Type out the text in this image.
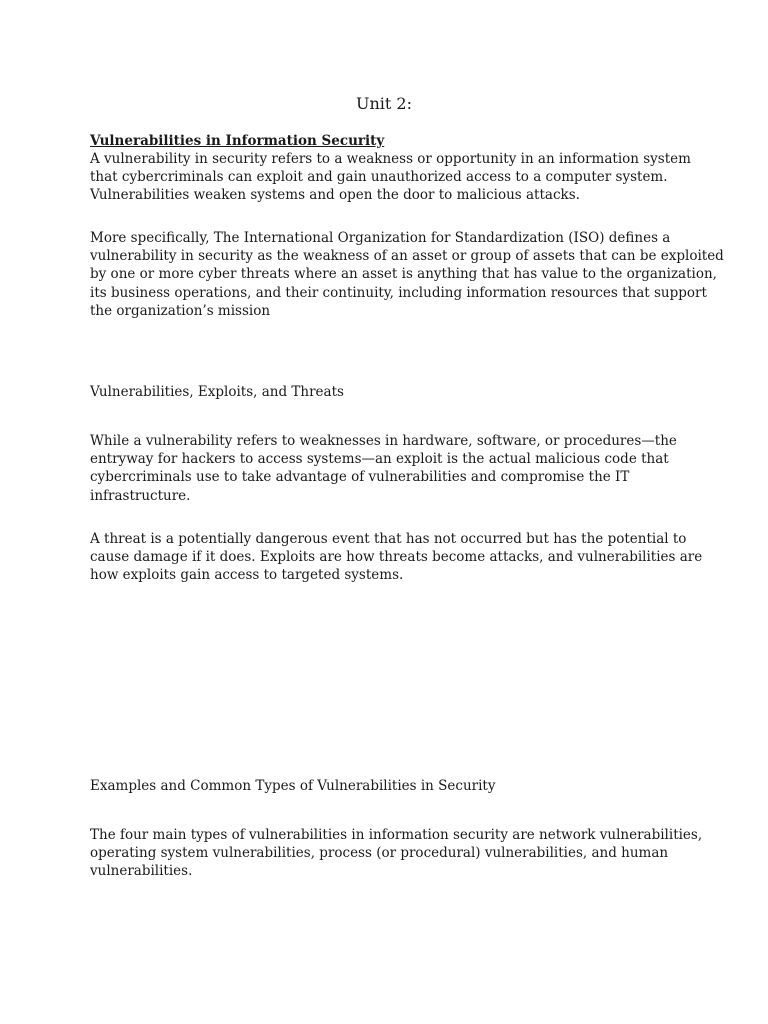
Unit 2:
Vulnerabilities in Information Security

A vulnerability in security refers to a weakness or opportunity in an information system
that cybercriminals can exploit and gain unauthorized access to a computer system.
Vulnerabilities weaken systems and open the door to malicious attacks.

More specifically, The International Organization for Standardization (ISO) defines a
vulnerability in security as the weakness of an asset or group of assets that can be exploited
by one or more cyber threats where an asset is anything that has value to the organization,
its business operations, and their continuity, including information resources that support
the organization’s mission

Vulnerabilities, Exploits, and Threats

While a vulnerability refers to weaknesses in hardware, software, or procedures—the
entryway for hackers to access systems—an exploit is the actual malicious code that
cybercriminals use to take advantage of vulnerabilities and compromise the IT
infrastructure.

A threat is a potentially dangerous event that has not occurred but has the potential to
cause damage if it does. Exploits are how threats become attacks, and vulnerabilities are
how exploits gain access to targeted systems.

Examples and Common Types of Vulnerabilities in Security

The four main types of vulnerabilities in information security are network vulnerabilities,
operating system vulnerabilities, process (or procedural) vulnerabilities, and human
vulnerabilities.
